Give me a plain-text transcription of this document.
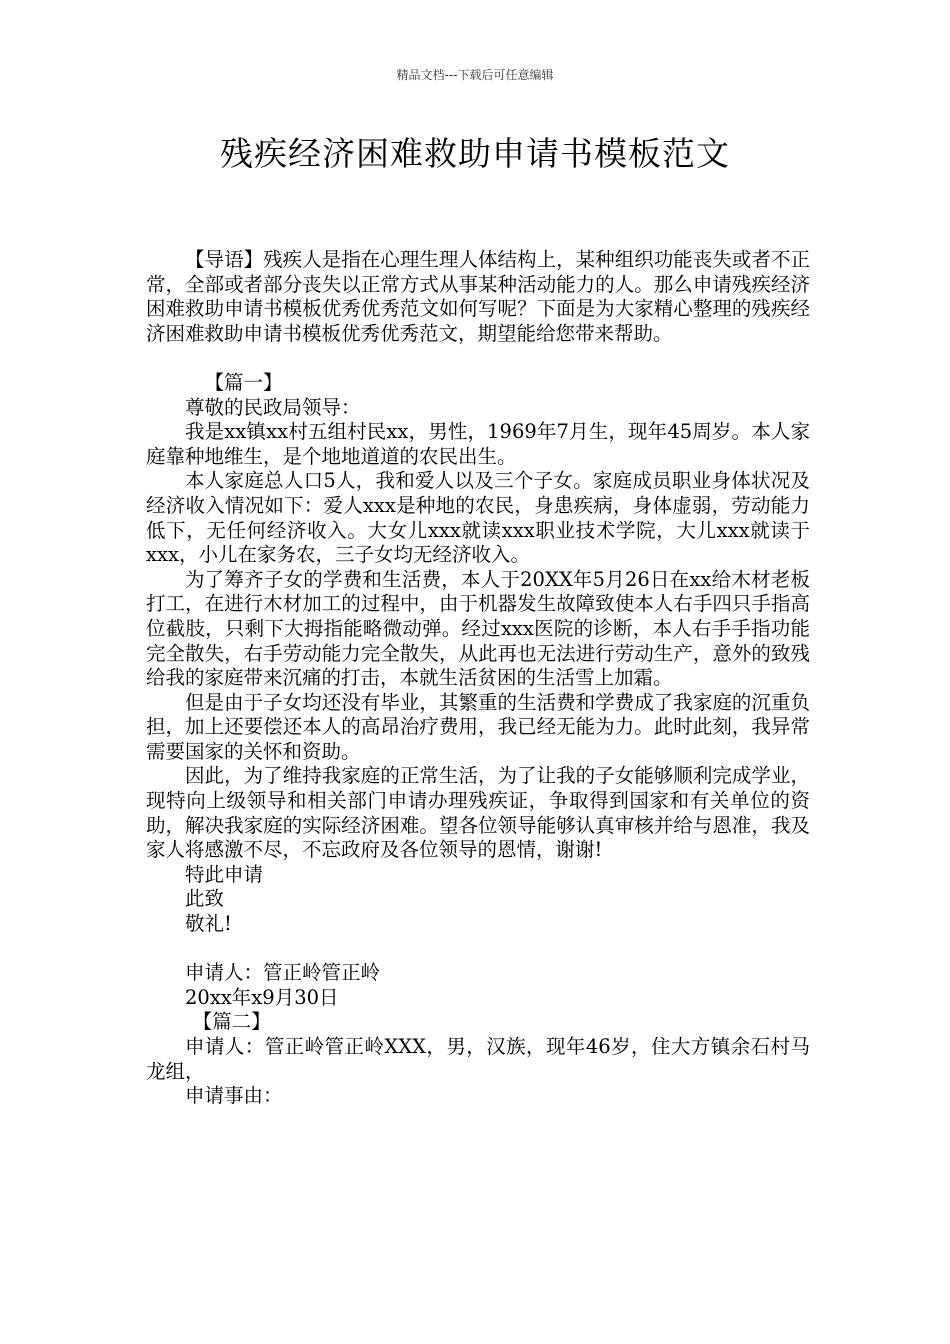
精品文档---下载后可任意编辑
残疾经济困难救助申请书模板范文

【导语】残疾人是指在心理生理人体结构上，某种组织功能丧失或者不正常，全部或者部分丧失以正常方式从事某种活动能力的人。那么申请残疾经济困难救助申请书模板优秀优秀范文如何写呢？下面是为大家精心整理的残疾经济困难救助申请书模板优秀优秀范文，期望能给您带来帮助。

【篇一】

尊敬的民政局领导：

我是xx镇xx村五组村民xx，男性，1969年7月生，现年45周岁。本人家庭靠种地维生，是个地地道道的农民出生。

本人家庭总人口5人，我和爱人以及三个子女。家庭成员职业身体状况及经济收入情况如下：爱人xxx是种地的农民，身患疾病，身体虚弱，劳动能力低下，无任何经济收入。大女儿xxx就读xxx职业技术学院，大儿xxx就读于xxx，小儿在家务农，三子女均无经济收入。

为了筹齐子女的学费和生活费，本人于20XX年5月26日在xx给木材老板打工，在进行木材加工的过程中，由于机器发生故障致使本人右手四只手指高位截肢，只剩下大拇指能略微动弹。经过xxx医院的诊断，本人右手手指功能完全散失，右手劳动能力完全散失，从此再也无法进行劳动生产，意外的致残给我的家庭带来沉痛的打击，本就生活贫困的生活雪上加霜。

但是由于子女均还没有毕业，其繁重的生活费和学费成了我家庭的沉重负担，加上还要偿还本人的高昂治疗费用，我已经无能为力。此时此刻，我异常需要国家的关怀和资助。

因此，为了维持我家庭的正常生活，为了让我的子女能够顺利完成学业，现特向上级领导和相关部门申请办理残疾证，争取得到国家和有关单位的资助，解决我家庭的实际经济困难。望各位领导能够认真审核并给与恩准，我及家人将感激不尽，不忘政府及各位领导的恩情，谢谢!

特此申请

此致

敬礼!

申请人：管正岭管正岭

20xx年x9月30日

【篇二】

申请人：管正岭管正岭XXX，男，汉族，现年46岁，住大方镇余石村马龙组，

申请事由：
